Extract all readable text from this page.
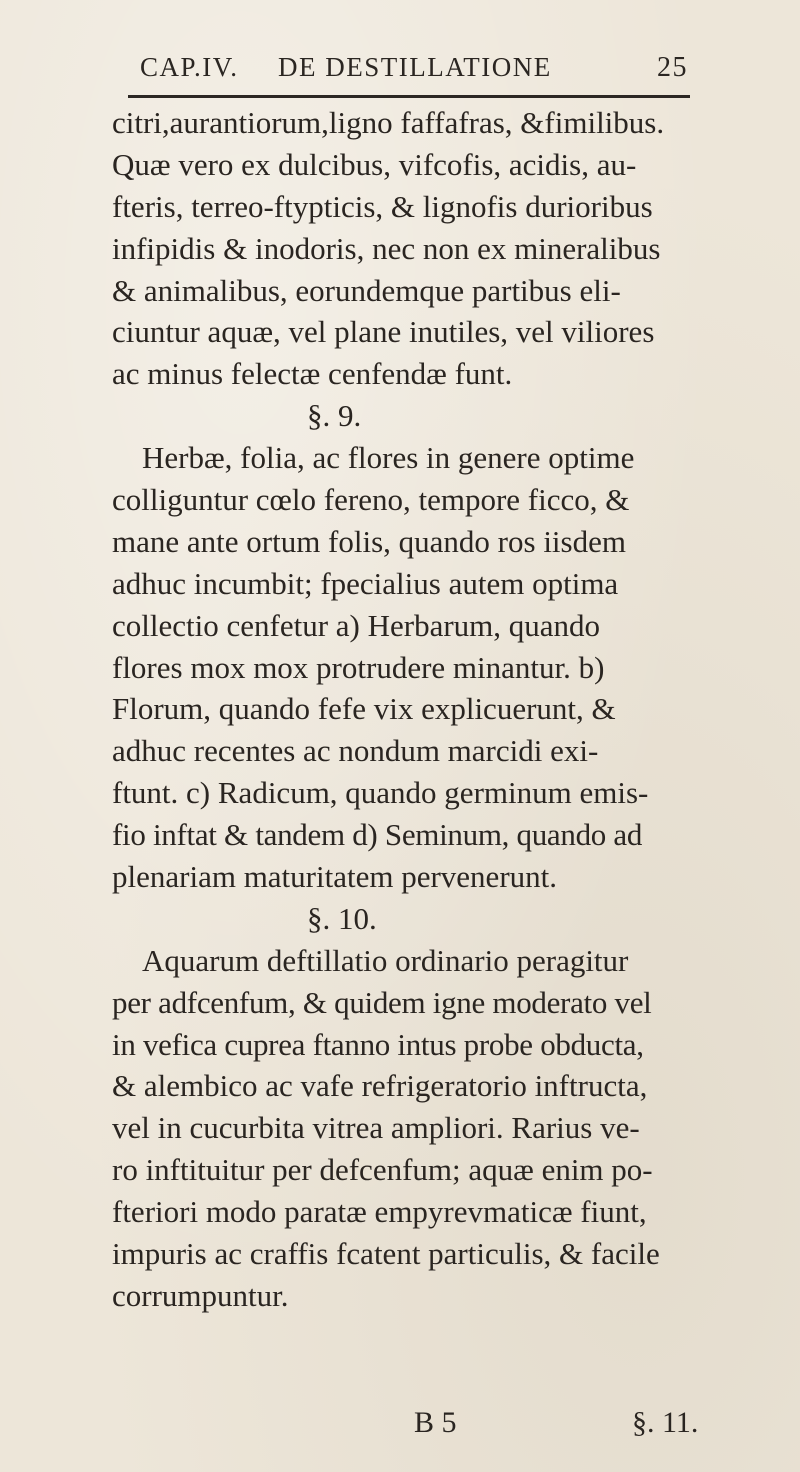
CAP.IV. DE DESTILLATIONE	25
citri,aurantiorum,ligno faffafras, &fimilibus.
Quæ vero ex dulcibus, vifcofis, acidis, au-
fteris, terreo-ftypticis, & lignofis durioribus
infipidis & inodoris, nec non ex mineralibus
& animalibus, eorundemque partibus eli-
ciuntur aquæ, vel plane inutiles, vel viliores
ac minus felectæ cenfendæ funt.
§. 9.
Herbæ, folia, ac flores in genere optime
colliguntur cœlo fereno, tempore ficco, &
mane ante ortum folis, quando ros iisdem
adhuc incumbit; fpecialius autem optima
collectio cenfetur a) Herbarum, quando
flores mox mox protrudere minantur. b)
Florum, quando fefe vix explicuerunt, &
adhuc recentes ac nondum marcidi exi-
ftunt. c) Radicum, quando germinum emis-
fio inftat & tandem d) Seminum, quando ad
plenariam maturitatem pervenerunt.
§. 10.
Aquarum deftillatio ordinario peragitur
per adfcenfum, & quidem igne moderato vel
in vefica cuprea ftanno intus probe obducta,
& alembico ac vafe refrigeratorio inftructa,
vel in cucurbita vitrea ampliori. Rarius ve-
ro inftituitur per defcenfum; aquæ enim po-
fteriori modo paratæ empyrevmaticæ fiunt,
impuris ac craffis fcatent particulis, & facile
corrumpuntur.
B 5	§. 11.
